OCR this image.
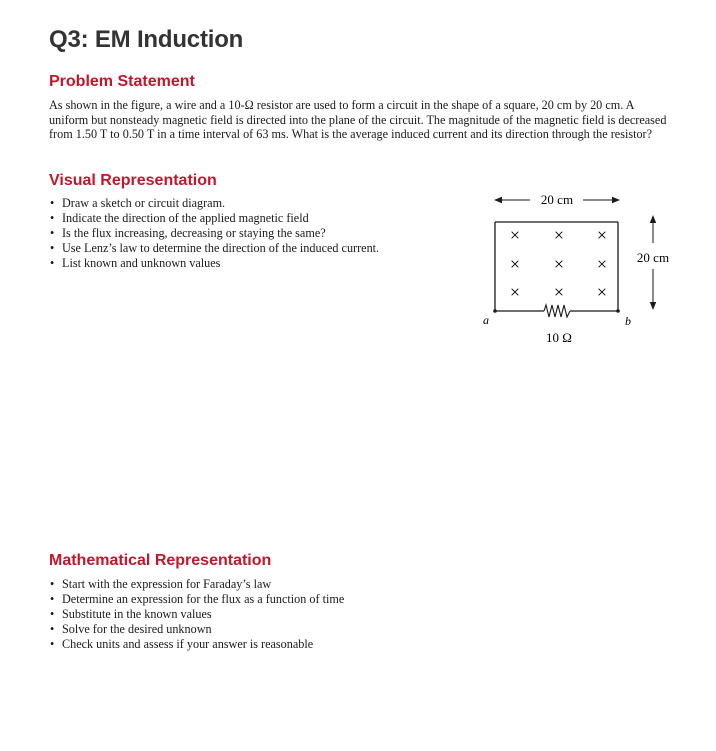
Q3: EM Induction
Problem Statement

As shown in the figure, a wire and a 10-Ω resistor are used to form a circuit in the shape of a square, 20 cm by 20 cm. A uniform but nonsteady magnetic field is directed into the plane of the circuit. The magnitude of the magnetic field is decreased from 1.50 T to 0.50 T in a time interval of 63 ms. What is the average induced current and its direction through the resistor?

Visual Representation
• Draw a sketch or circuit diagram.
• Indicate the direction of the applied magnetic field
• Is the flux increasing, decreasing or staying the same?
• Use Lenz’s law to determine the direction of the induced current.
• List known and unknown values
20 cm
× × ×
× × ×
× × ×
20 cm
10 Ω
a	b
Mathematical Representation
• Start with the expression for Faraday’s law
• Determine an expression for the flux as a function of time
• Substitute in the known values
• Solve for the desired unknown
• Check units and assess if your answer is reasonable
